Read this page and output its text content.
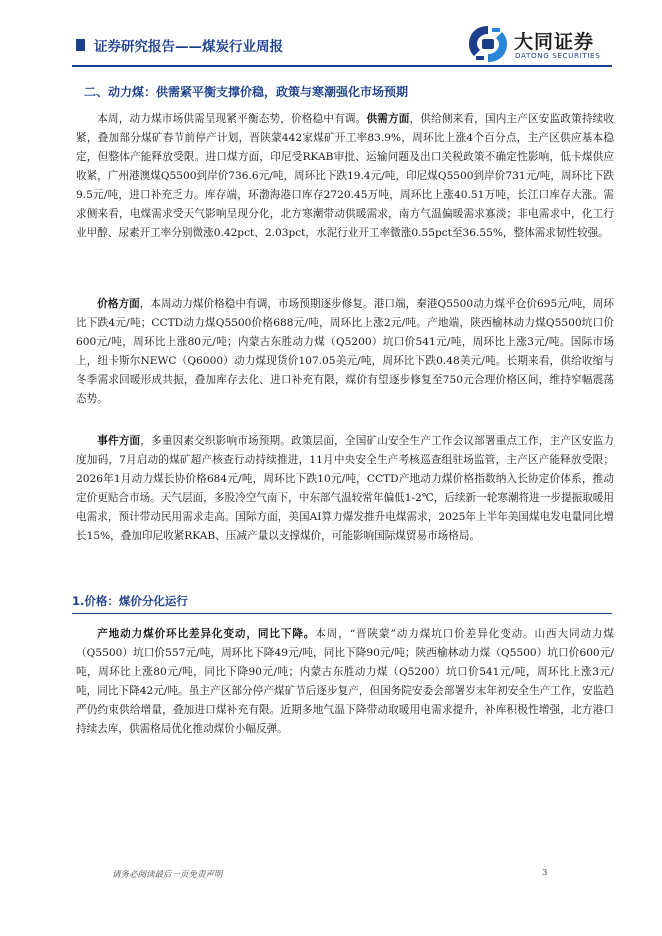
证券研究报告——煤炭行业周报	大同证券
DATONG SECURITIES
二、动力煤：供需紧平衡支撑价稳，政策与寒潮强化市场预期

本周，动力煤市场供需呈现紧平衡态势，价格稳中有调。供需方面，供给侧来看，国内主产区安监政策持续收紧，叠加部分煤矿春节前停产计划，晋陕蒙442家煤矿开工率83.9%，周环比上涨4个百分点，主产区供应基本稳定，但整体产能释放受限。进口煤方面，印尼受RKAB审批、运输问题及出口关税政策不确定性影响，低卡煤供应收紧，广州港澳煤Q5500到岸价736.6元/吨，周环比下跌19.4元/吨，印尼煤Q5500到岸价731元/吨，周环比下跌9.5元/吨，进口补充乏力。库存端，环渤海港口库存2720.45万吨，周环比上涨40.51万吨，长江口库存大涨。需求侧来看，电煤需求受天气影响呈现分化，北方寒潮带动供暖需求，南方气温偏暖需求寡淡；非电需求中，化工行业甲醇、尿素开工率分别微涨0.42pct、2.03pct，水泥行业开工率微涨0.55pct至36.55%，整体需求韧性较强。

价格方面，本周动力煤价格稳中有调，市场预期逐步修复。港口端，秦港Q5500动力煤平仓价695元/吨，周环比下跌4元/吨；CCTD动力煤Q5500价格688元/吨，周环比上涨2元/吨。产地端，陕西榆林动力煤Q5500坑口价600元/吨，周环比上涨80元/吨；内蒙古东胜动力煤（Q5200）坑口价541元/吨，周环比上涨3元/吨。国际市场上，纽卡斯尔NEWC（Q6000）动力煤现货价107.05美元/吨，周环比下跌0.48美元/吨。长期来看，供给收缩与冬季需求回暖形成共振，叠加库存去化、进口补充有限，煤价有望逐步修复至750元合理价格区间，维持窄幅震荡态势。

事件方面，多重因素交织影响市场预期。政策层面，全国矿山安全生产工作会议部署重点工作，主产区安监力度加码，7月启动的煤矿超产核查行动持续推进，11月中央安全生产考核巡查组驻场监管，主产区产能释放受限；2026年1月动力煤长协价格684元/吨，周环比下跌10元/吨，CCTD产地动力煤价格指数纳入长协定价体系，推动定价更贴合市场。天气层面，多股冷空气南下，中东部气温较常年偏低1-2℃，后续新一轮寒潮将进一步提振取暖用电需求，预计带动民用需求走高。国际方面，美国AI算力爆发推升电煤需求，2025年上半年美国煤电发电量同比增长15%，叠加印尼收紧RKAB、压减产量以支撑煤价，可能影响国际煤贸易市场格局。

1.价格：煤价分化运行

产地动力煤价环比差异化变动，同比下降。本周，“晋陕蒙”动力煤坑口价差异化变动。山西大同动力煤（Q5500）坑口价557元/吨，周环比下降49元/吨，同比下降90元/吨；陕西榆林动力煤（Q5500）坑口价600元/吨，周环比上涨80元/吨，同比下降90元/吨；内蒙古东胜动力煤（Q5200）坑口价541元/吨，周环比上涨3元/吨，同比下降42元/吨。虽主产区部分停产煤矿节后逐步复产，但国务院安委会部署岁末年初安全生产工作，安监趋严仍约束供给增量，叠加进口煤补充有限。近期多地气温下降带动取暖用电需求提升，补库积极性增强，北方港口持续去库，供需格局优化推动煤价小幅反弹。

请务必阅读最后一页免责声明	3
